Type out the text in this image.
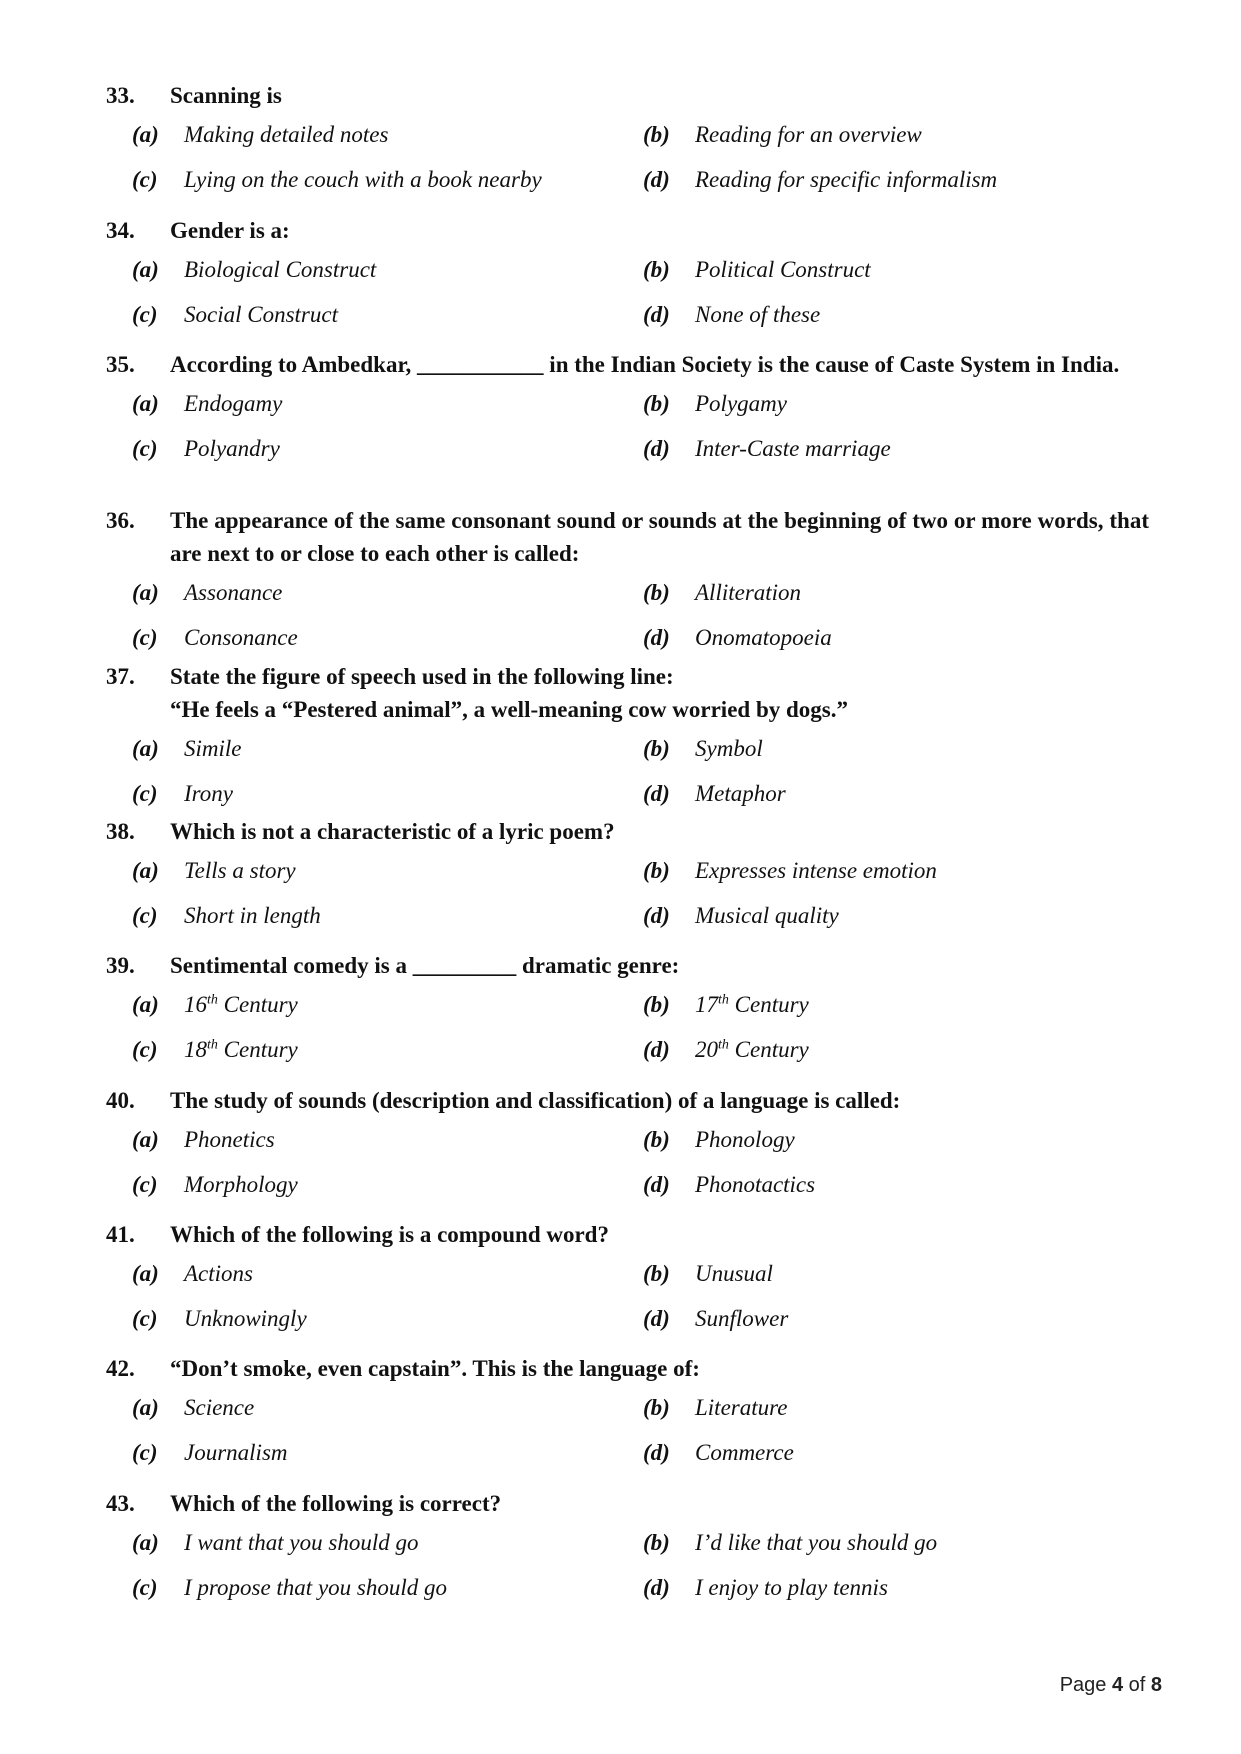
33. Scanning is
(a) Making detailed notes	(b) Reading for an overview
(c) Lying on the couch with a book nearby	(d) Reading for specific informalism
34. Gender is a:
(a) Biological Construct	(b) Political Construct
(c) Social Construct	(d) None of these
35. According to Ambedkar, ___________ in the Indian Society is the cause of Caste System in India.
(a) Endogamy	(b) Polygamy
(c) Polyandry	(d) Inter-Caste marriage
36. The appearance of the same consonant sound or sounds at the beginning of two or more words, that are next to or close to each other is called:
(a) Assonance	(b) Alliteration
(c) Consonance	(d) Onomatopoeia
37. State the figure of speech used in the following line:
“He feels a “Pestered animal”, a well-meaning cow worried by dogs.”
(a) Simile	(b) Symbol
(c) Irony	(d) Metaphor
38. Which is not a characteristic of a lyric poem?
(a) Tells a story	(b) Expresses intense emotion
(c) Short in length	(d) Musical quality
39. Sentimental comedy is a _________ dramatic genre:
(a) 16th Century	(b) 17th Century
(c) 18th Century	(d) 20th Century
40. The study of sounds (description and classification) of a language is called:
(a) Phonetics	(b) Phonology
(c) Morphology	(d) Phonotactics
41. Which of the following is a compound word?
(a) Actions	(b) Unusual
(c) Unknowingly	(d) Sunflower
42. “Don’t smoke, even capstain”. This is the language of:
(a) Science	(b) Literature
(c) Journalism	(d) Commerce
43. Which of the following is correct?
(a) I want that you should go	(b) I’d like that you should go
(c) I propose that you should go	(d) I enjoy to play tennis
Page 4 of 8
